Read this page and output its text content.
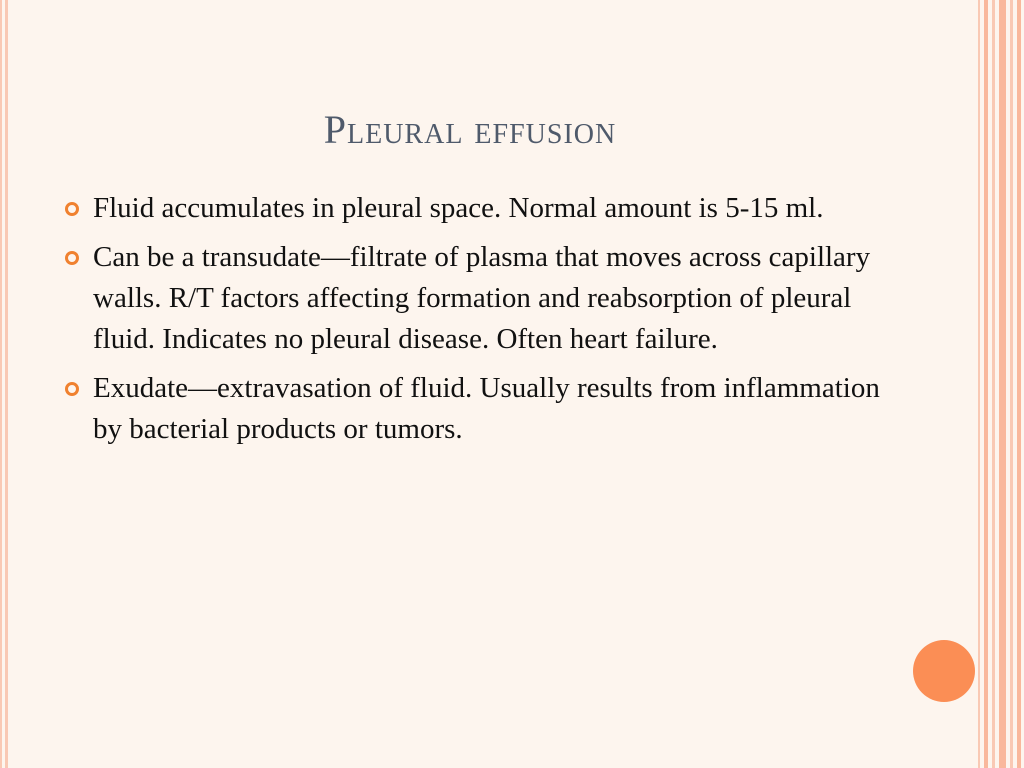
Pleural effusion
Fluid accumulates in pleural space. Normal amount is 5-15 ml.
Can be a transudate—filtrate of plasma that moves across capillary walls. R/T factors affecting formation and reabsorption of pleural fluid. Indicates no pleural disease. Often heart failure.
Exudate—extravasation of fluid. Usually results from inflammation by bacterial products or tumors.
